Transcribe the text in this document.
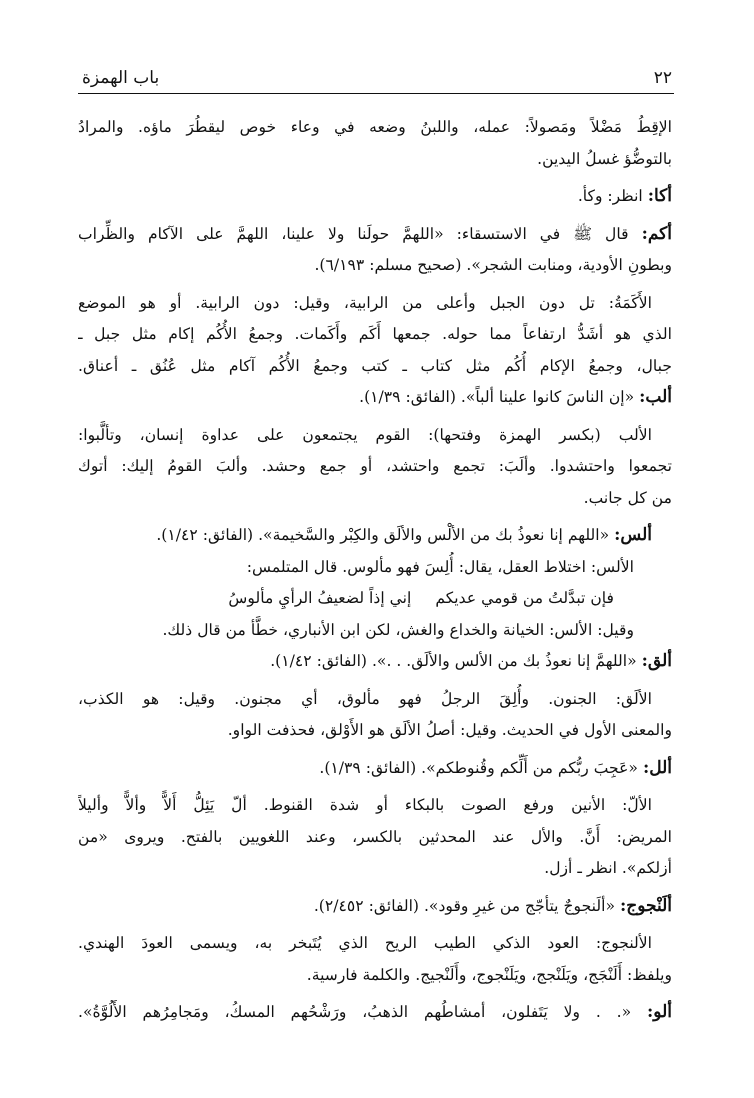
٢٢
باب الهمزة

الإقِطُ مَضْلاً ومَصولاً: عمله، واللبنُ وضعه في وعاء خوص ليقطُرَ ماؤه. والمرادُ

بالتوضُّؤ غسلُ اليدين.

أكا: انظر: وكأ.

أكم: قال ﷺ في الاستسقاء: «اللهمَّ حولَنا ولا علينا، اللهمَّ على الآكام والظِّراب

وبطونِ الأودية، ومنابت الشجر». (صحيح مسلم: ٦/١٩٣).

الأَكَمَةُ: تل دون الجبل وأعلى من الرابية، وقيل: دون الرابية. أو هو الموضع

الذي هو أشَدُّ ارتفاعاً مما حوله. جمعها أَكَم وأَكَمات. وجمعُ الأُكُم إكام مثل جبل ـ

جبال، وجمعُ الإكام أُكُم مثل كتاب ـ كتب وجمعُ الأُكُم آكام مثل عُنُق ـ أعناق.

ألب: «إن الناسَ كانوا علينا ألباً». (الفائق: ١/٣٩).

الألب (بكسر الهمزة وفتحها): القوم يجتمعون على عداوة إنسان، وتألَّبوا:

تجمعوا واحتشدوا. وألَبَ: تجمع واحتشد، أو جمع وحشد. وألبَ القومُ إليك: أتوك

من كل جانب.

ألس: «اللهم إنا نعوذُ بك من الألْس والألَق والكِبْر والسَّخيمة». (الفائق: ١/٤٢).

الألس: اختلاط العقل، يقال: أُلِسَ فهو مألوس. قال المتلمس:

فإن تبدَّلتُ من قومي عديكم
إني إذاً لضعيفُ الرأيِ مألوسُ

وقيل: الألس: الخيانة والخداع والغش، لكن ابن الأنباري، خطَّأ من قال ذلك.

ألق: «اللهمَّ إنا نعوذُ بك من الألس والألَق. . .». (الفائق: ١/٤٢).

الألَق: الجنون. وأُلِقَ الرجلُ فهو مألوق، أي مجنون. وقيل: هو الكذب،

والمعنى الأول في الحديث. وقيل: أصلُ الألَق هو الأَوْلق، فحذفت الواو.

ألل: «عَجِبَ ربُّكم من أَلِّكم وقُنوطكم». (الفائق: ١/٣٩).

الألّ: الأنين ورفع الصوت بالبكاء أو شدة القنوط. ألّ يَئِلُّ أَلاًّ وألاًّ وأليلاً

المريض: أَنَّ. والأل عند المحدثين بالكسر، وعند اللغويين بالفتح. ويروى «من

أزلكم». انظر ـ أزل.

ألَنْجوج: «ألَنجوجٌ يتأجّج من غيرِ وقود». (الفائق: ٢/٤٥٢).

الألنجوج: العود الذكي الطيب الريح الذي يُتَبخر به، ويسمى العودَ الهندي.

ويلفظ: أَلَنْجَج، ويَلَنْجج، ويَلَنْجوج، وأَلَنْجيج. والكلمة فارسية.

ألو: «. . ولا يَتَفلون، أمشاطُهم الذهبُ، ورَشْحُهم المسكُ، ومَجامِرُهم الأَلُوَّةُ».
